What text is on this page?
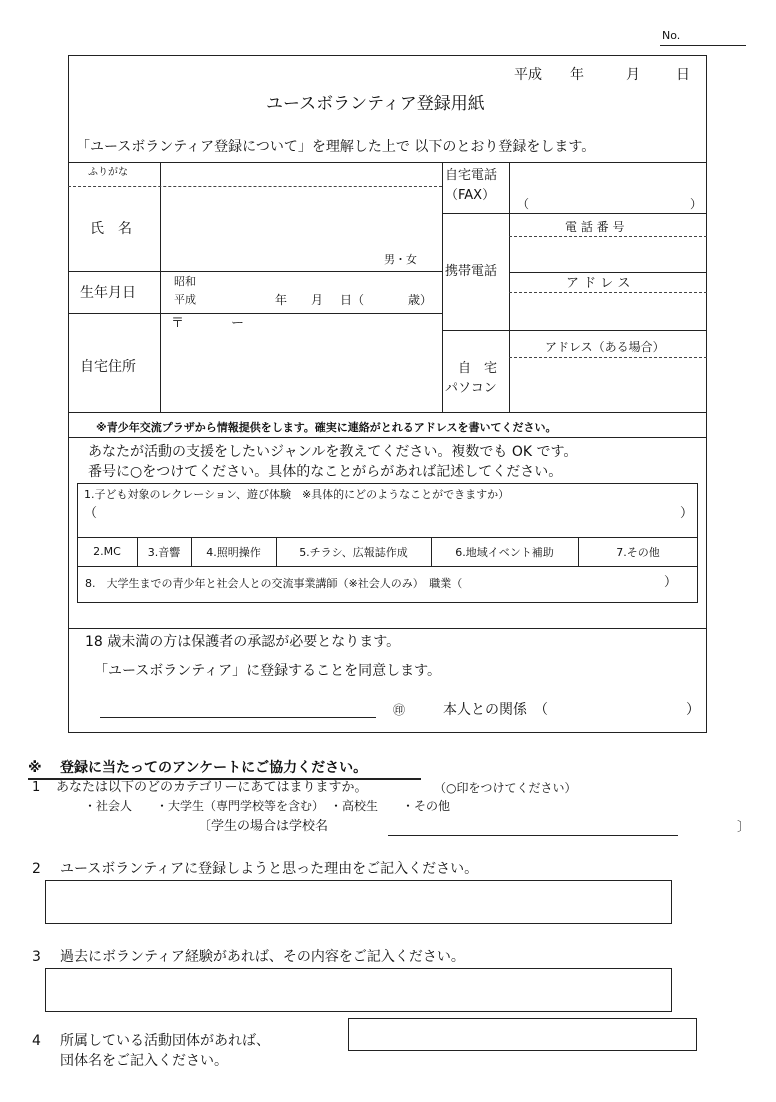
No.
平成 年	月	日
ユースボランティア登録用紙
「ユースボランティア登録について」を理解した上で 以下のとおり登録をします。
ふりがな
氏　名
男・女
生年月日
昭和
平成	年 月 日（	歳）
自宅住所
〒	ー
自宅電話
（FAX）
（	）
携帯電話
電 話 番 号
ア ド レ ス
自　宅
パソコン
アドレス（ある場合）
※青少年交流プラザから情報提供をします。確実に連絡がとれるアドレスを書いてください。
あなたが活動の支援をしたいジャンルを教えてください。複数でも OK です。
番号に○をつけてください。具体的なことがらがあれば記述してください。
1.子ども対象のレクレーション、遊び体験　※具体的にどのようなことができますか）
（	）
2.MC	3.音響	4.照明操作	5.チラシ、広報誌作成	6.地域イベント補助	7.その他
8.　大学生までの青少年と社会人との交流事業講師（※社会人のみ）　職業（	）
18 歳未満の方は保護者の承認が必要となります。
「ユースボランティア」に登録することを同意します。
㊞	本人との関係　（	）
※ 登録に当たってのアンケートにご協力ください。
1 あなたは以下のどのカテゴリーにあてはまりますか。	（○印をつけてください）
・社会人　　・大学生（専門学校等を含む）　・高校生　　・その他
〔学生の場合は学校名	〕
2 ユースボランティアに登録しようと思った理由をご記入ください。
3 過去にボランティア経験があれば、その内容をご記入ください。
4 所属している活動団体があれば、
団体名をご記入ください。
